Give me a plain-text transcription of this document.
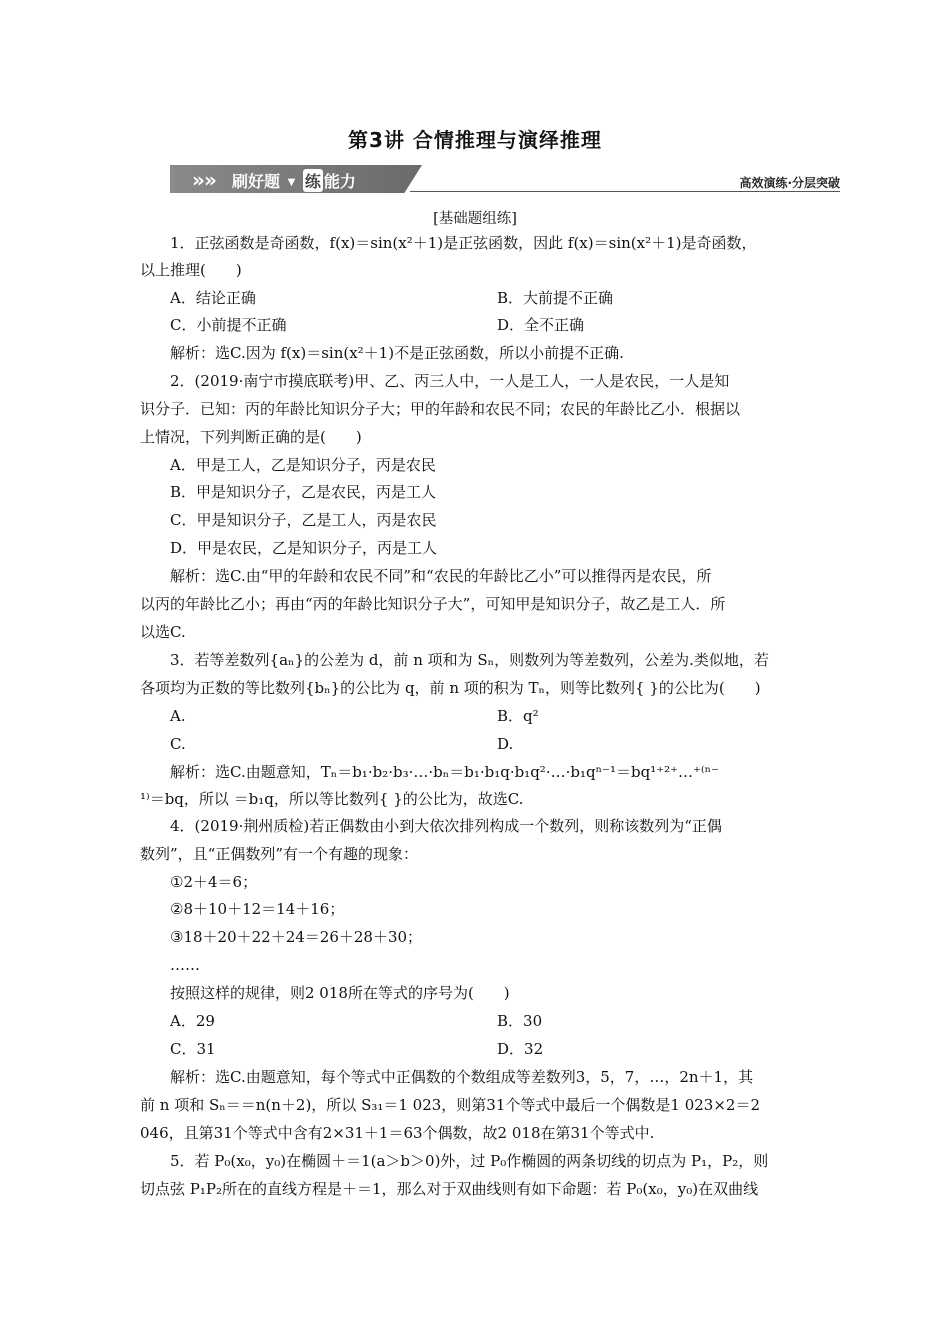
第3讲 合情推理与演绎推理
» » 刷好题 ▼ 练 能力	高效演练·分层突破
[基础题组练]
1．正弦函数是奇函数，f(x)＝sin(x²＋1)是正弦函数，因此 f(x)＝sin(x²＋1)是奇函数，
以上推理(　　)
A．结论正确	B．大前提不正确
C．小前提不正确	D．全不正确
解析：选C.因为 f(x)＝sin(x²＋1)不是正弦函数，所以小前提不正确.
2．(2019·南宁市摸底联考)甲、乙、丙三人中，一人是工人，一人是农民，一人是知
识分子．已知：丙的年龄比知识分子大；甲的年龄和农民不同；农民的年龄比乙小．根据以
上情况，下列判断正确的是(　　)
A．甲是工人，乙是知识分子，丙是农民
B．甲是知识分子，乙是农民，丙是工人
C．甲是知识分子，乙是工人，丙是农民
D．甲是农民，乙是知识分子，丙是工人
解析：选C.由“甲的年龄和农民不同”和“农民的年龄比乙小”可以推得丙是农民，所
以丙的年龄比乙小；再由“丙的年龄比知识分子大”，可知甲是知识分子，故乙是工人．所
以选C.
3．若等差数列{aₙ}的公差为 d，前 n 项和为 Sₙ，则数列为等差数列，公差为.类似地，若
各项均为正数的等比数列{bₙ}的公比为 q，前 n 项的积为 Tₙ，则等比数列{ }的公比为(　　)
A.	B．q²
C.	D.
解析：选C.由题意知，Tₙ＝b₁·b₂·b₃·…·bₙ＝b₁·b₁q·b₁q²·…·b₁qⁿ⁻¹＝bq¹⁺²⁺…⁺⁽ⁿ⁻
¹⁾＝bq，所以 ＝b₁q，所以等比数列{ }的公比为，故选C.
4．(2019·荆州质检)若正偶数由小到大依次排列构成一个数列，则称该数列为“正偶
数列”，且“正偶数列”有一个有趣的现象：
①2＋4＝6；
②8＋10＋12＝14＋16；
③18＋20＋22＋24＝26＋28＋30；
……
按照这样的规律，则2 018所在等式的序号为(　　)
A．29	B．30
C．31	D．32
解析：选C.由题意知，每个等式中正偶数的个数组成等差数列3，5，7，…，2n＋1，其
前 n 项和 Sₙ＝＝n(n＋2)，所以 S₃₁＝1 023，则第31个等式中最后一个偶数是1 023×2＝2
046，且第31个等式中含有2×31＋1＝63个偶数，故2 018在第31个等式中.
5．若 P₀(x₀，y₀)在椭圆＋＝1(a＞b＞0)外，过 P₀作椭圆的两条切线的切点为 P₁，P₂，则
切点弦 P₁P₂所在的直线方程是＋＝1，那么对于双曲线则有如下命题：若 P₀(x₀，y₀)在双曲线
